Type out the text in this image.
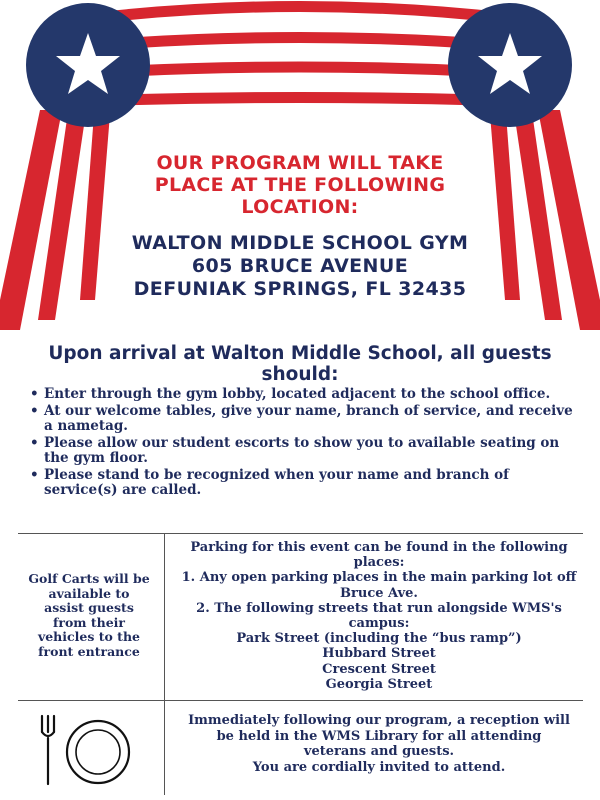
OUR PROGRAM WILL TAKE
PLACE AT THE FOLLOWING
LOCATION:
WALTON MIDDLE SCHOOL GYM
605 BRUCE AVENUE
DEFUNIAK SPRINGS, FL 32435
Upon arrival at Walton Middle School, all guests should:
• Enter through the gym lobby, located adjacent to the school office.
• At our welcome tables, give your name, branch of service, and receive a nametag.
• Please allow our student escorts to show you to available seating on the gym floor.
• Please stand to be recognized when your name and branch of service(s) are called.
Golf Carts will be
available to
assist guests
from their
vehicles to the
front entrance
Parking for this event can be found in the following
places:
1. Any open parking places in the main parking lot off
Bruce Ave.
2. The following streets that run alongside WMS's
campus:
Park Street (including the “bus ramp”)
Hubbard Street
Crescent Street
Georgia Street
Immediately following our program, a reception will
be held in the WMS Library for all attending
veterans and guests.
You are cordially invited to attend.
